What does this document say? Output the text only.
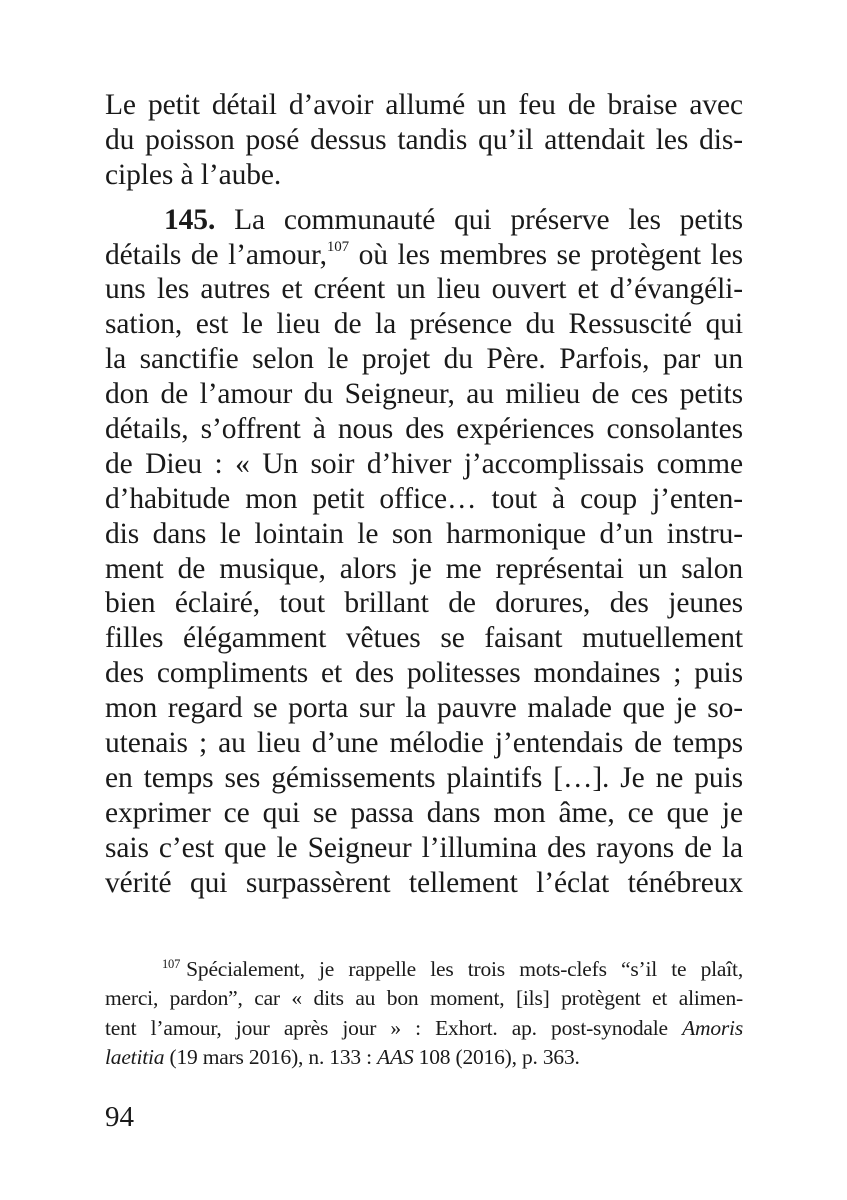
Le petit détail d’avoir allumé un feu de braise avec
du poisson posé dessus tandis qu’il attendait les dis-
ciples à l’aube.

145. La communauté qui préserve les petits
détails de l’amour,$^{107}$ où les membres se protègent les
uns les autres et créent un lieu ouvert et d’évangéli-
sation, est le lieu de la présence du Ressuscité qui
la sanctifie selon le projet du Père. Parfois, par un
don de l’amour du Seigneur, au milieu de ces petits
détails, s’offrent à nous des expériences consolantes
de Dieu : « Un soir d’hiver j’accomplissais comme
d’habitude mon petit office… tout à coup j’enten-
dis dans le lointain le son harmonique d’un instru-
ment de musique, alors je me représentai un salon
bien éclairé, tout brillant de dorures, des jeunes
filles élégamment vêtues se faisant mutuellement
des compliments et des politesses mondaines ; puis
mon regard se porta sur la pauvre malade que je so-
utenais ; au lieu d’une mélodie j’entendais de temps
en temps ses gémissements plaintifs […]. Je ne puis
exprimer ce qui se passa dans mon âme, ce que je
sais c’est que le Seigneur l’illumina des rayons de la
vérité qui surpassèrent tellement l’éclat ténébreux

$^{107}$ Spécialement, je rappelle les trois mots-clefs “s’il te plaît,
merci, pardon”, car « dits au bon moment, [ils] protègent et alimen-
tent l’amour, jour après jour » : Exhort. ap. post-synodale Amoris
laetitia (19 mars 2016), n. 133 : AAS 108 (2016), p. 363.
94
